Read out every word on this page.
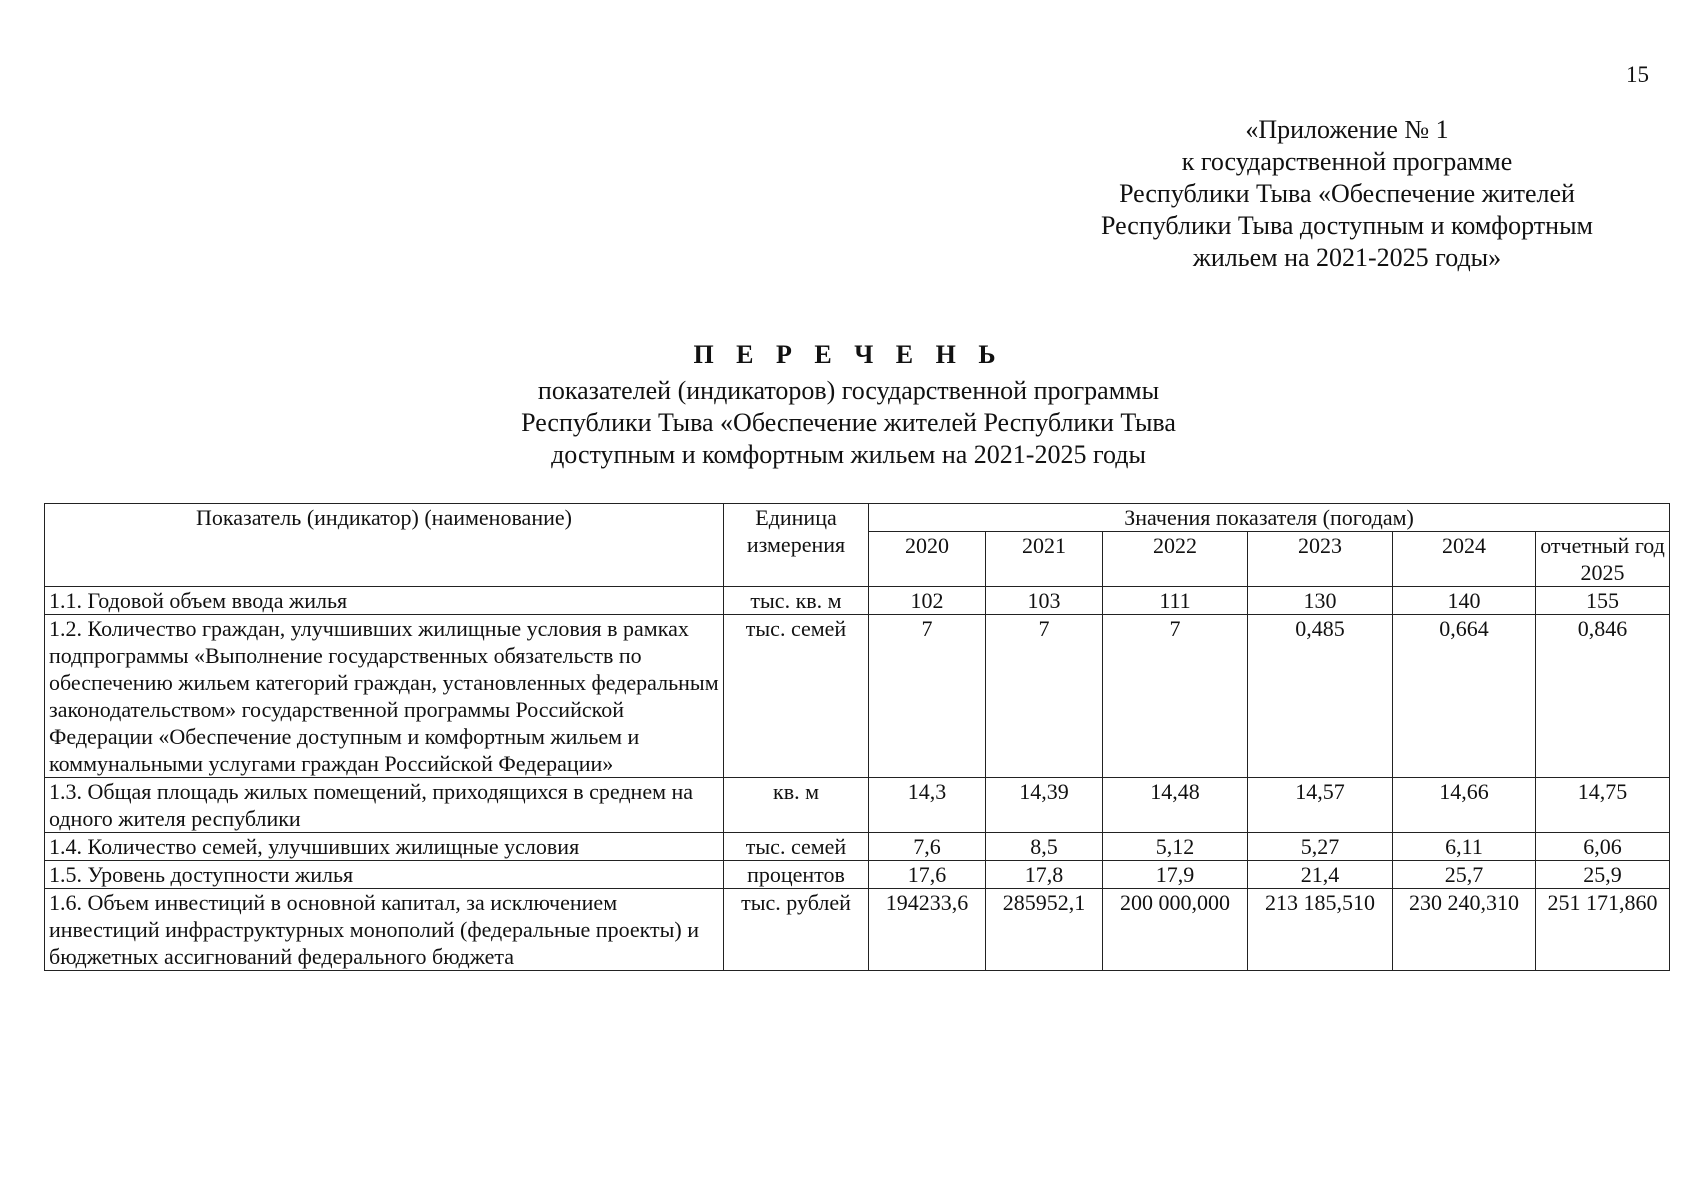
15
«Приложение № 1
к государственной программе
Республики Тыва «Обеспечение жителей
Республики Тыва доступным и комфортным
жильем на 2021-2025 годы»
П Е Р Е Ч Е Н Ь
показателей (индикаторов) государственной программы
Республики Тыва «Обеспечение жителей Республики Тыва
доступным и комфортным жильем на 2021-2025 годы
Показатель (индикатор) (наименование)	Единица измерения	Значения показателя (погодам)					
		2020	2021	2022	2023	2024	отчетный год 2025
1.1. Годовой объем ввода жилья	тыс. кв. м	102	103	111	130	140	155
1.2. Количество граждан, улучшивших жилищные условия в рамках подпрограммы «Выполнение государственных обязательств по обеспечению жильем категорий граждан, установленных федеральным законодательством» государственной программы Российской Федерации «Обеспечение доступным и комфортным жильем и коммунальными услугами граждан Российской Федерации»	тыс. семей	7	7	7	0,485	0,664	0,846
1.3. Общая площадь жилых помещений, приходящихся в среднем на одного жителя республики	кв. м	14,3	14,39	14,48	14,57	14,66	14,75
1.4. Количество семей, улучшивших жилищные условия	тыс. семей	7,6	8,5	5,12	5,27	6,11	6,06
1.5. Уровень доступности жилья	процентов	17,6	17,8	17,9	21,4	25,7	25,9
1.6. Объем инвестиций в основной капитал, за исключением инвестиций инфраструктурных монополий (федеральные проекты) и бюджетных ассигнований федерального бюджета	тыс. рублей	194233,6	285952,1	200 000,000	213 185,510	230 240,310	251 171,860
